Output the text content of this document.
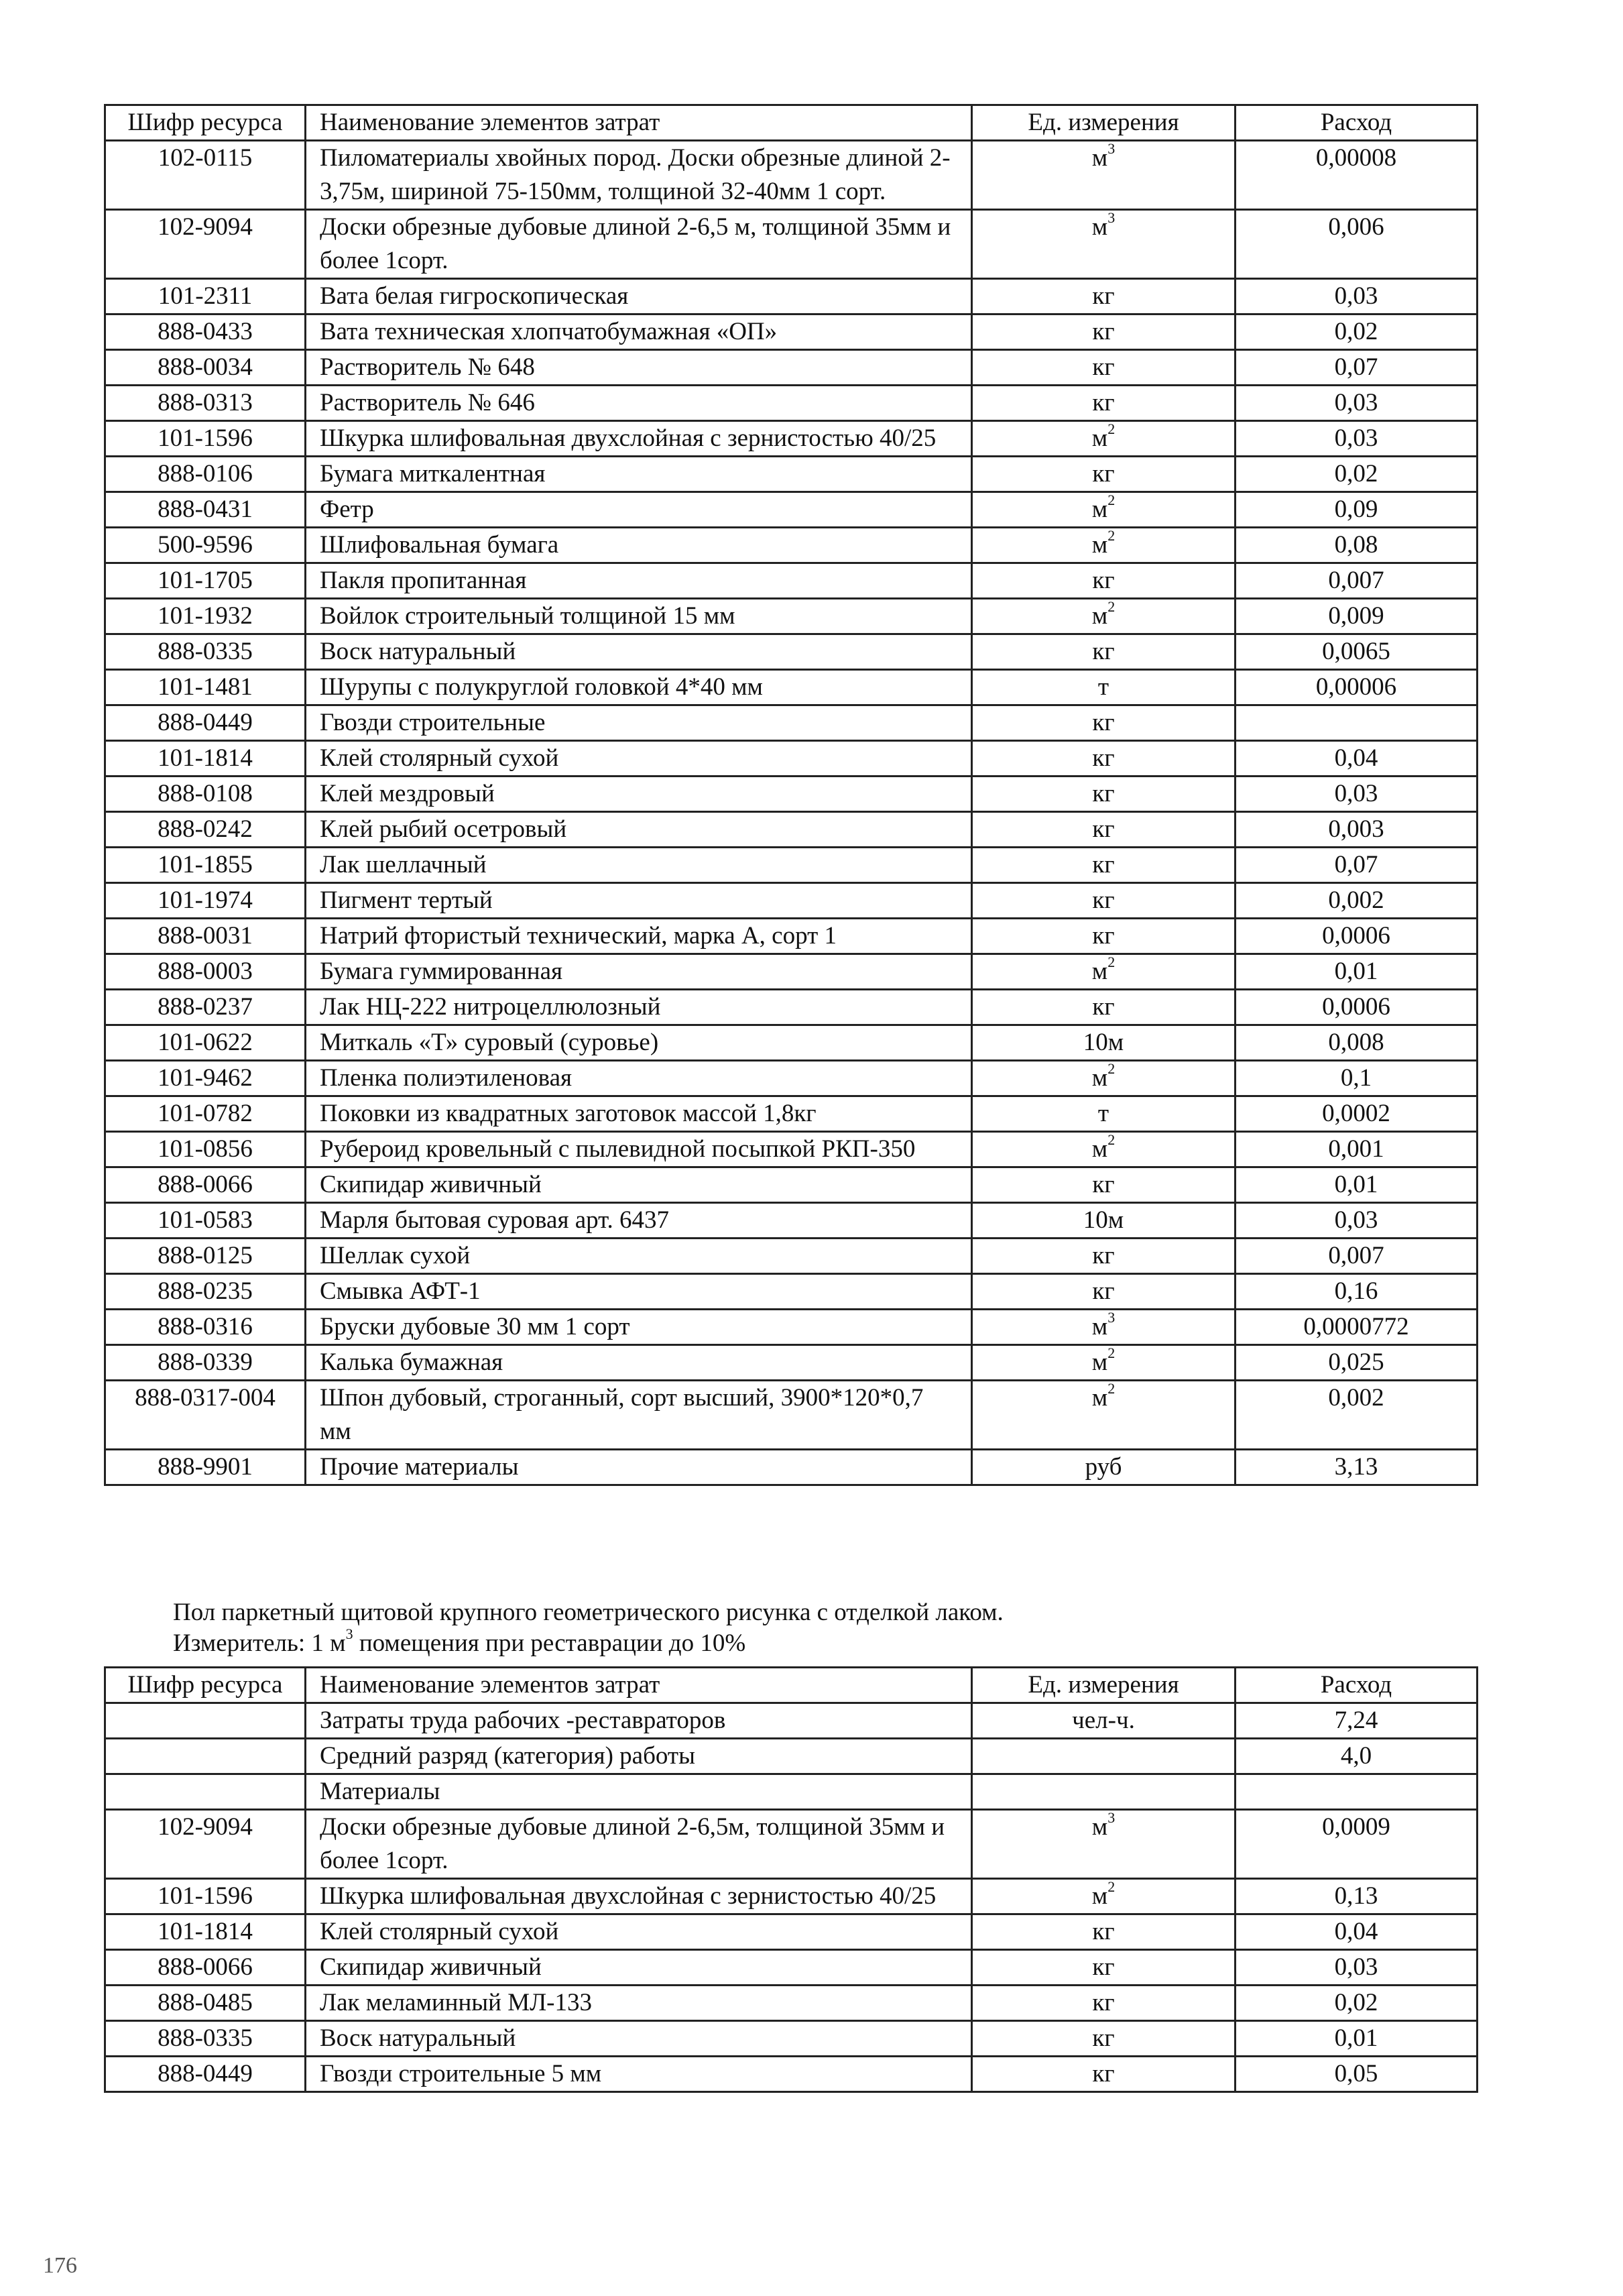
Шифр ресурса	Наименование элементов затрат	Ед. измерения	Расход
102-0115	Пиломатериалы хвойных пород. Доски обрезные длиной 2-3,75м, шириной 75-150мм, толщиной 32-40мм 1 сорт.	$м^3$	0,00008
102-9094	Доски обрезные дубовые длиной 2-6,5 м, толщиной 35мм и более 1сорт.	$м^3$	0,006
101-2311	Вата белая гигроскопическая	кг	0,03
888-0433	Вата техническая хлопчатобумажная «ОП»	кг	0,02
888-0034	Растворитель № 648	кг	0,07
888-0313	Растворитель № 646	кг	0,03
101-1596	Шкурка шлифовальная двухслойная с зернистостью 40/25	$м^2$	0,03
888-0106	Бумага миткалентная	кг	0,02
888-0431	Фетр	$м^2$	0,09
500-9596	Шлифовальная бумага	$м^2$	0,08
101-1705	Пакля пропитанная	кг	0,007
101-1932	Войлок строительный толщиной 15 мм	$м^2$	0,009
888-0335	Воск натуральный	кг	0,0065
101-1481	Шурупы с полукруглой головкой 4*40 мм	т	0,00006
888-0449	Гвозди строительные	кг	
101-1814	Клей столярный сухой	кг	0,04
888-0108	Клей мездровый	кг	0,03
888-0242	Клей рыбий осетровый	кг	0,003
101-1855	Лак шеллачный	кг	0,07
101-1974	Пигмент тертый	кг	0,002
888-0031	Натрий фтористый технический, марка А, сорт 1	кг	0,0006
888-0003	Бумага гуммированная	$м^2$	0,01
888-0237	Лак НЦ-222 нитроцеллюлозный	кг	0,0006
101-0622	Миткаль «Т» суровый (суровье)	10м	0,008
101-9462	Пленка полиэтиленовая	$м^2$	0,1
101-0782	Поковки из квадратных заготовок массой 1,8кг	т	0,0002
101-0856	Рубероид кровельный с пылевидной посыпкой РКП-350	$м^2$	0,001
888-0066	Скипидар живичный	кг	0,01
101-0583	Марля бытовая суровая арт. 6437	10м	0,03
888-0125	Шеллак сухой	кг	0,007
888-0235	Смывка АФТ-1	кг	0,16
888-0316	Бруски дубовые 30 мм 1 сорт	$м^3$	0,0000772
888-0339	Калька бумажная	$м^2$	0,025
888-0317-004	Шпон дубовый, строганный, сорт высший, 3900*120*0,7 мм	$м^2$	0,002
888-9901	Прочие материалы	руб	3,13
Пол паркетный щитовой крупного геометрического рисунка с отделкой лаком.
Измеритель: 1 $м^3$ помещения при реставрации до 10%
Шифр ресурса	Наименование элементов затрат	Ед. измерения	Расход
	Затраты труда рабочих -реставраторов	чел-ч.	7,24
	Средний разряд (категория) работы		4,0
	Материалы		
102-9094	Доски обрезные дубовые длиной 2-6,5м, толщиной 35мм и более 1сорт.	$м^3$	0,0009
101-1596	Шкурка шлифовальная двухслойная с зернистостью 40/25	$м^2$	0,13
101-1814	Клей столярный сухой	кг	0,04
888-0066	Скипидар живичный	кг	0,03
888-0485	Лак меламинный МЛ-133	кг	0,02
888-0335	Воск натуральный	кг	0,01
888-0449	Гвозди строительные 5 мм	кг	0,05
176
